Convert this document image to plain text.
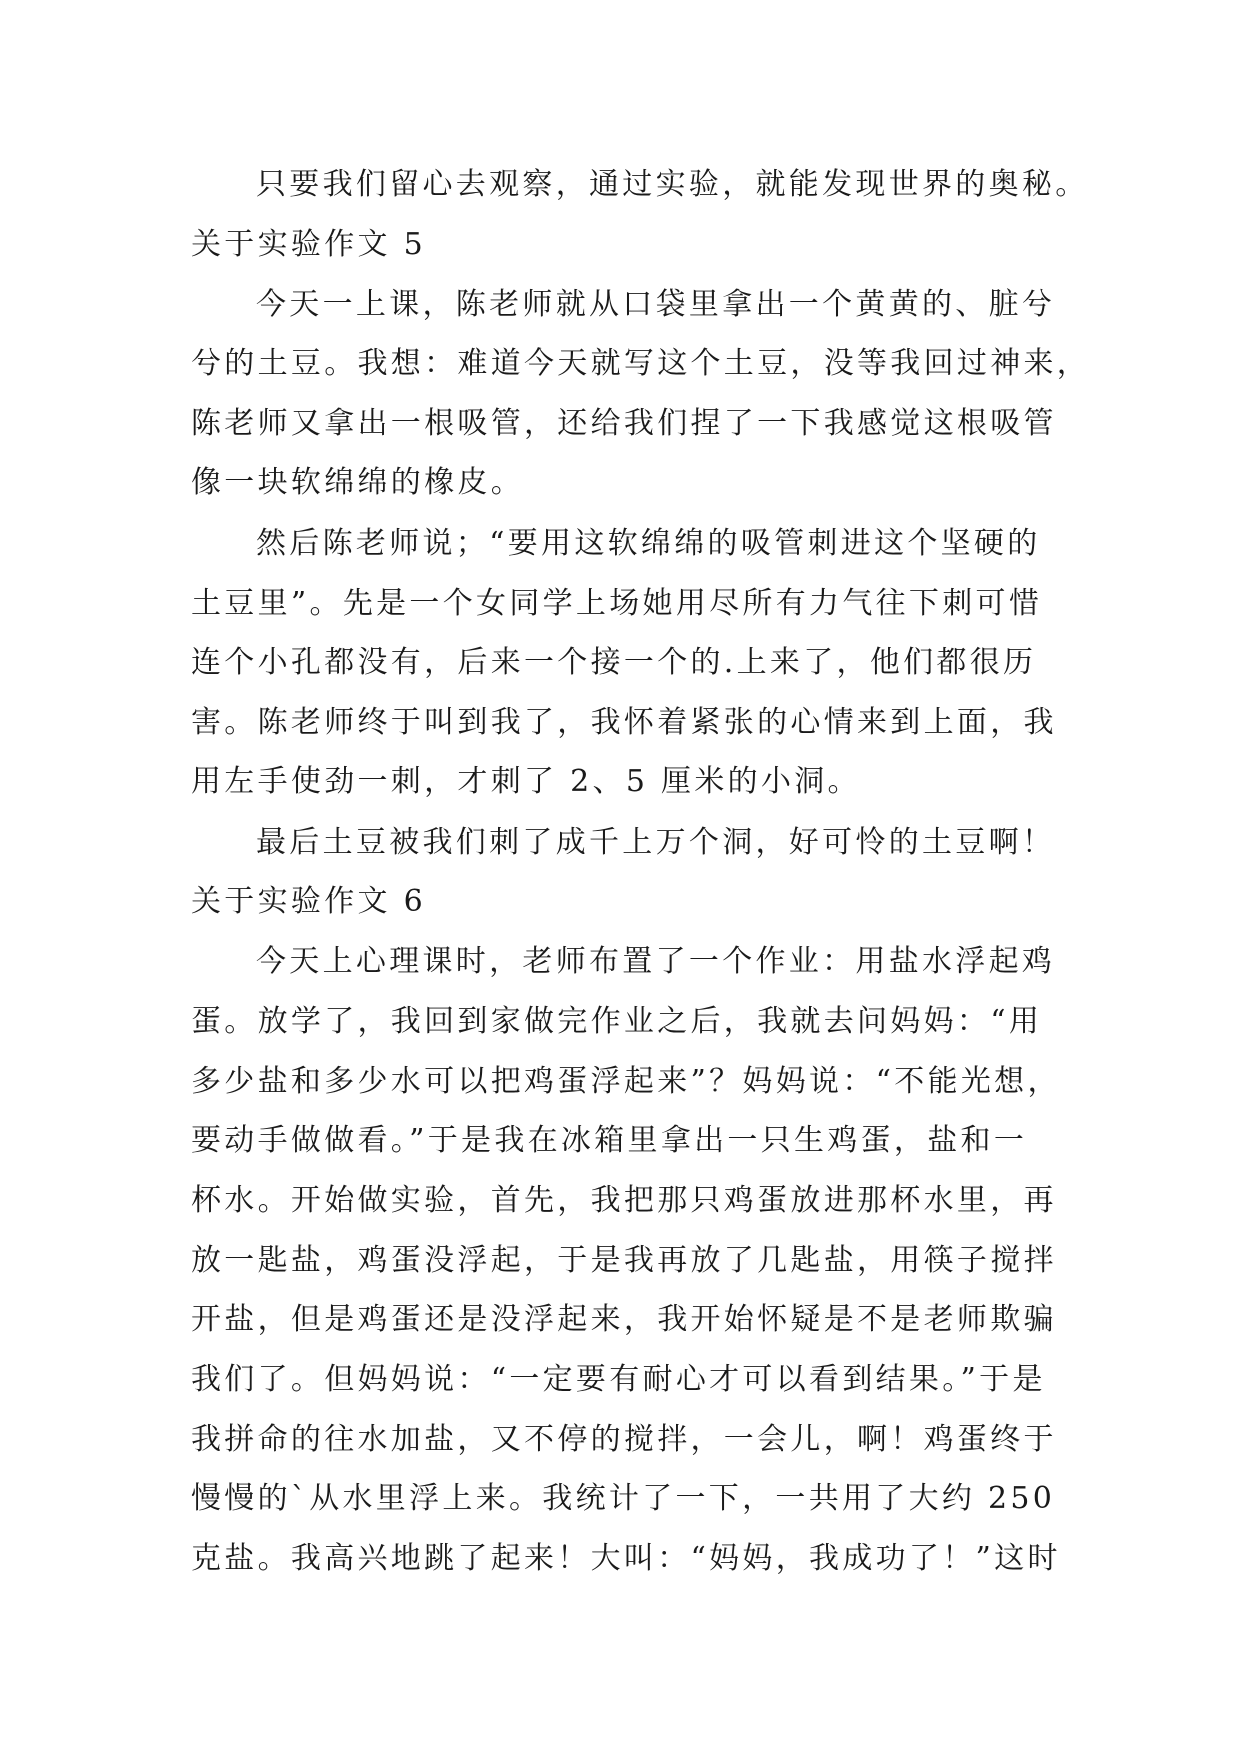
只要我们留心去观察，通过实验，就能发现世界的奥秘。
关于实验作文 5
今天一上课，陈老师就从口袋里拿出一个黄黄的、脏兮
兮的土豆。我想：难道今天就写这个土豆，没等我回过神来，
陈老师又拿出一根吸管，还给我们捏了一下我感觉这根吸管
像一块软绵绵的橡皮。
然后陈老师说；“要用这软绵绵的吸管刺进这个坚硬的
土豆里”。先是一个女同学上场她用尽所有力气往下刺可惜
连个小孔都没有，后来一个接一个的.上来了，他们都很历
害。陈老师终于叫到我了，我怀着紧张的心情来到上面，我
用左手使劲一刺，才刺了 2、5 厘米的小洞。
最后土豆被我们刺了成千上万个洞，好可怜的土豆啊！
关于实验作文 6
今天上心理课时，老师布置了一个作业：用盐水浮起鸡
蛋。放学了，我回到家做完作业之后，我就去问妈妈：“用
多少盐和多少水可以把鸡蛋浮起来”？妈妈说：“不能光想，
要动手做做看。”于是我在冰箱里拿出一只生鸡蛋，盐和一
杯水。开始做实验，首先，我把那只鸡蛋放进那杯水里，再
放一匙盐，鸡蛋没浮起，于是我再放了几匙盐，用筷子搅拌
开盐，但是鸡蛋还是没浮起来，我开始怀疑是不是老师欺骗
我们了。但妈妈说：“一定要有耐心才可以看到结果。”于是
我拼命的往水加盐，又不停的搅拌，一会儿，啊！鸡蛋终于
慢慢的`从水里浮上来。我统计了一下，一共用了大约 250
克盐。我高兴地跳了起来！大叫：“妈妈，我成功了！”这时
